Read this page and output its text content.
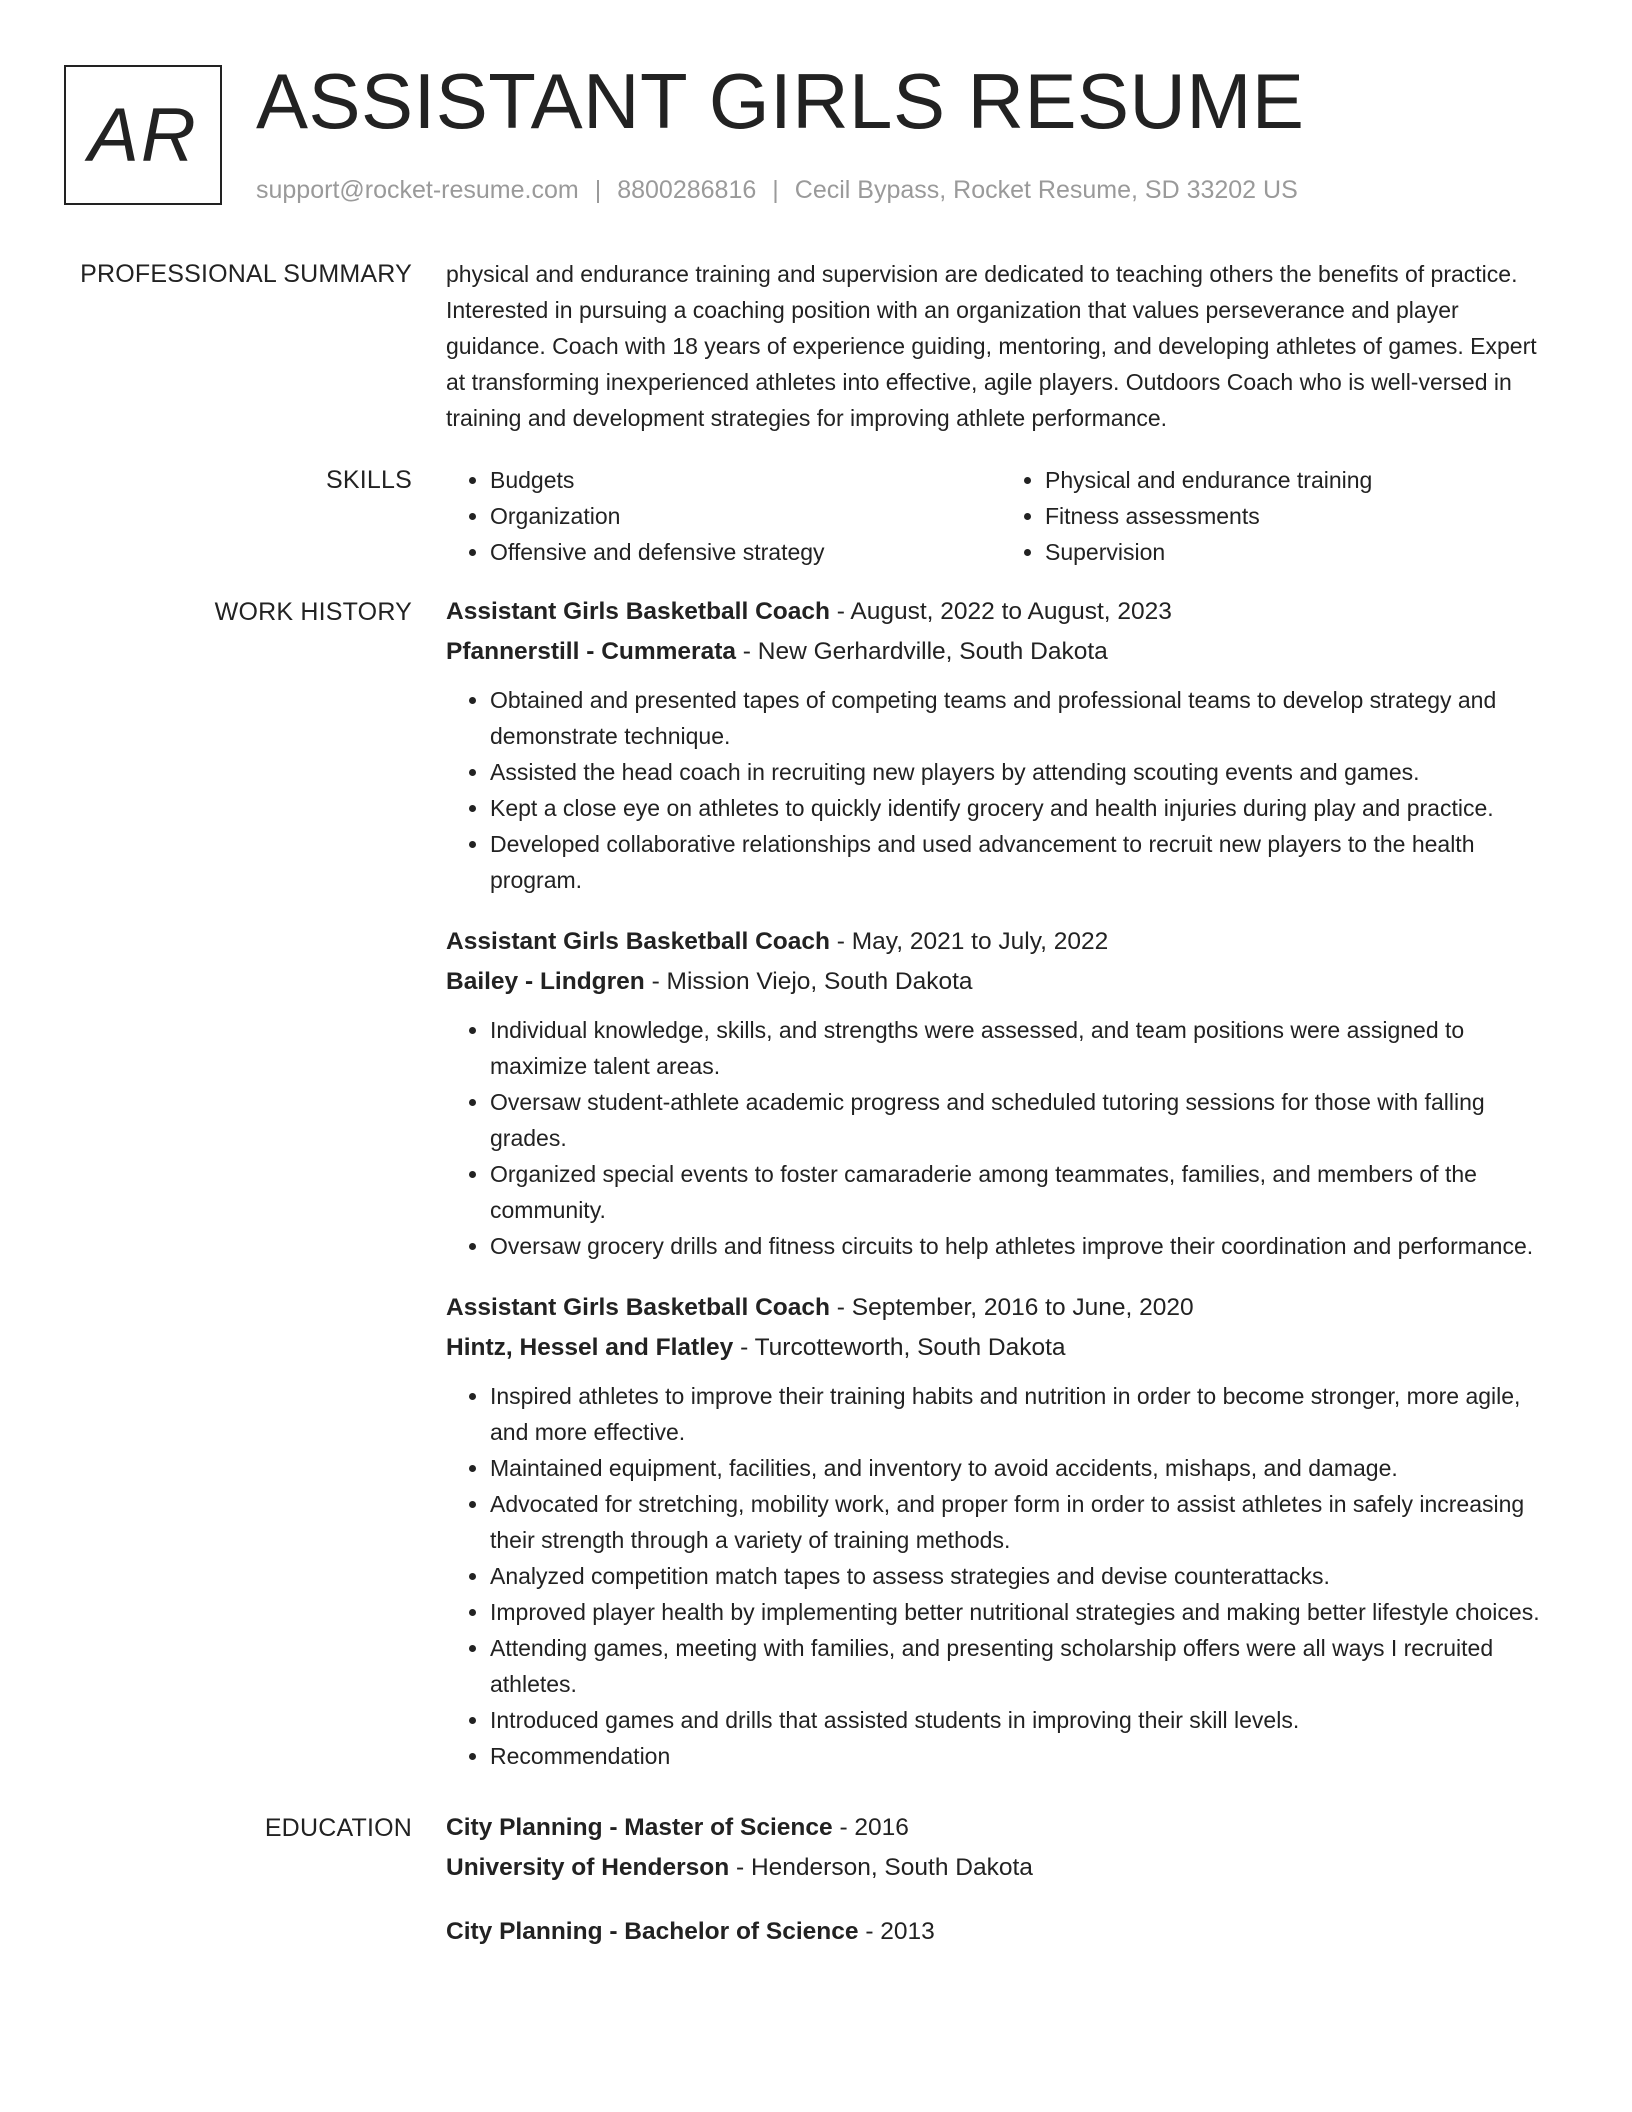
AR ASSISTANT GIRLS RESUME
support@rocket-resume.com | 8800286816 | Cecil Bypass, Rocket Resume, SD 33202 US
PROFESSIONAL SUMMARY physical and endurance training and supervision are dedicated to teaching others the benefits of practice. Interested in pursuing a coaching position with an organization that values perseverance and player guidance. Coach with 18 years of experience guiding, mentoring, and developing athletes of games. Expert at transforming inexperienced athletes into effective, agile players. Outdoors Coach who is well-versed in training and development strategies for improving athlete performance.

SKILLS
•	Budgets
• Organization
• Offensive and defensive strategy
• Physical and endurance training
• Fitness assessments
• Supervision
WORK HISTORY Assistant Girls Basketball Coach - August, 2022 to August, 2023
Pfannerstill - Cummerata - New Gerhardville, South Dakota
• Obtained and presented tapes of competing teams and professional teams to develop strategy and demonstrate technique.
• Assisted the head coach in recruiting new players by attending scouting events and games.
• Kept a close eye on athletes to quickly identify grocery and health injuries during play and practice.
• Developed collaborative relationships and used advancement to recruit new players to the health program.
Assistant Girls Basketball Coach - May, 2021 to July, 2022
Bailey - Lindgren - Mission Viejo, South Dakota
• Individual knowledge, skills, and strengths were assessed, and team positions were assigned to maximize talent areas.
• Oversaw student-athlete academic progress and scheduled tutoring sessions for those with falling grades.
• Organized special events to foster camaraderie among teammates, families, and members of the community.
• Oversaw grocery drills and fitness circuits to help athletes improve their coordination and performance.
Assistant Girls Basketball Coach - September, 2016 to June, 2020
Hintz, Hessel and Flatley - Turcotteworth, South Dakota
• Inspired athletes to improve their training habits and nutrition in order to become stronger, more agile, and more effective.
• Maintained equipment, facilities, and inventory to avoid accidents, mishaps, and damage.
• Advocated for stretching, mobility work, and proper form in order to assist athletes in safely increasing their strength through a variety of training methods.
• Analyzed competition match tapes to assess strategies and devise counterattacks.
• Improved player health by implementing better nutritional strategies and making better lifestyle choices.
• Attending games, meeting with families, and presenting scholarship offers were all ways I recruited athletes.
• Introduced games and drills that assisted students in improving their skill levels.
• Recommendation
EDUCATION City Planning - Master of Science - 2016
University of Henderson - Henderson, South Dakota
City Planning - Bachelor of Science - 2013
